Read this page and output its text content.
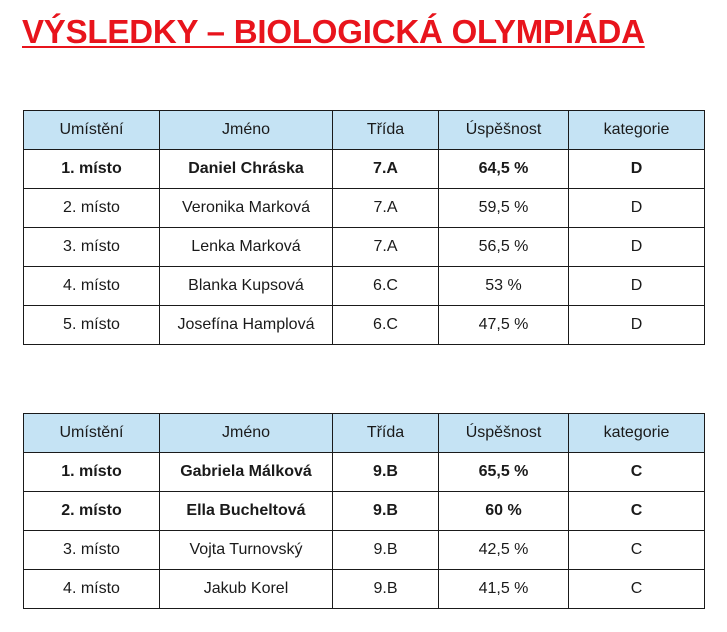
VÝSLEDKY – BIOLOGICKÁ OLYMPIÁDA
Umístění	Jméno	Třída	Úspěšnost	kategorie
1. místo	Daniel Chráska	7.A	64,5 %	D
2. místo	Veronika Marková	7.A	59,5 %	D
3. místo	Lenka Marková	7.A	56,5 %	D
4. místo	Blanka Kupsová	6.C	53 %	D
5. místo	Josefína Hamplová	6.C	47,5 %	D
Umístění	Jméno	Třída	Úspěšnost	kategorie
1. místo	Gabriela Málková	9.B	65,5 %	C
2. místo	Ella Bucheltová	9.B	60 %	C
3. místo	Vojta Turnovský	9.B	42,5 %	C
4. místo	Jakub Korel	9.B	41,5 %	C
